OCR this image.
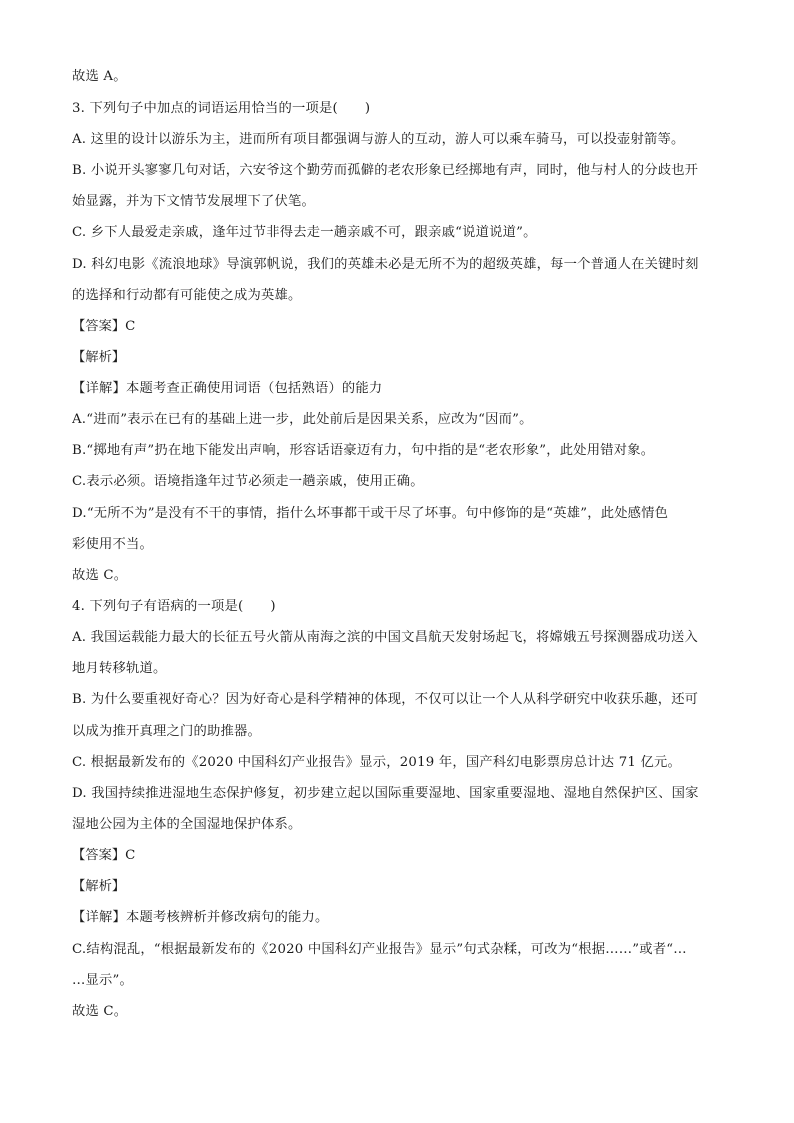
故选 A。
3. 下列句子中加点的词语运用恰当的一项是(　　)
A. 这里的设计以游乐为主，进而所有项目都强调与游人的互动，游人可以乘车骑马，可以投壶射箭等。
B. 小说开头寥寥几句对话，六安爷这个勤劳而孤僻的老农形象已经掷地有声，同时，他与村人的分歧也开
始显露，并为下文情节发展埋下了伏笔。
C. 乡下人最爱走亲戚，逢年过节非得去走一趟亲戚不可，跟亲戚“说道说道”。
D. 科幻电影《流浪地球》导演郭帆说，我们的英雄未必是无所不为的超级英雄，每一个普通人在关键时刻
的选择和行动都有可能使之成为英雄。
【答案】C
【解析】
【详解】本题考查正确使用词语（包括熟语）的能力
A.“进而”表示在已有的基础上进一步，此处前后是因果关系，应改为“因而”。
B.“掷地有声”扔在地下能发出声响，形容话语豪迈有力，句中指的是“老农形象”，此处用错对象。
C.表示必须。语境指逢年过节必须走一趟亲戚，使用正确。
D.“无所不为”是没有不干的事情，指什么坏事都干或干尽了坏事。句中修饰的是“英雄”，此处感情色
彩使用不当。
故选 C。
4. 下列句子有语病的一项是(　　)
A. 我国运载能力最大的长征五号火箭从南海之滨的中国文昌航天发射场起飞，将嫦娥五号探测器成功送入
地月转移轨道。
B. 为什么要重视好奇心？因为好奇心是科学精神的体现，不仅可以让一个人从科学研究中收获乐趣，还可
以成为推开真理之门的助推器。
C. 根据最新发布的《2020 中国科幻产业报告》显示，2019 年，国产科幻电影票房总计达 71 亿元。
D. 我国持续推进湿地生态保护修复，初步建立起以国际重要湿地、国家重要湿地、湿地自然保护区、国家
湿地公园为主体的全国湿地保护体系。
【答案】C
【解析】
【详解】本题考核辨析并修改病句的能力。
C.结构混乱，“根据最新发布的《2020 中国科幻产业报告》显示”句式杂糅，可改为“根据……”或者“…
…显示”。
故选 C。
